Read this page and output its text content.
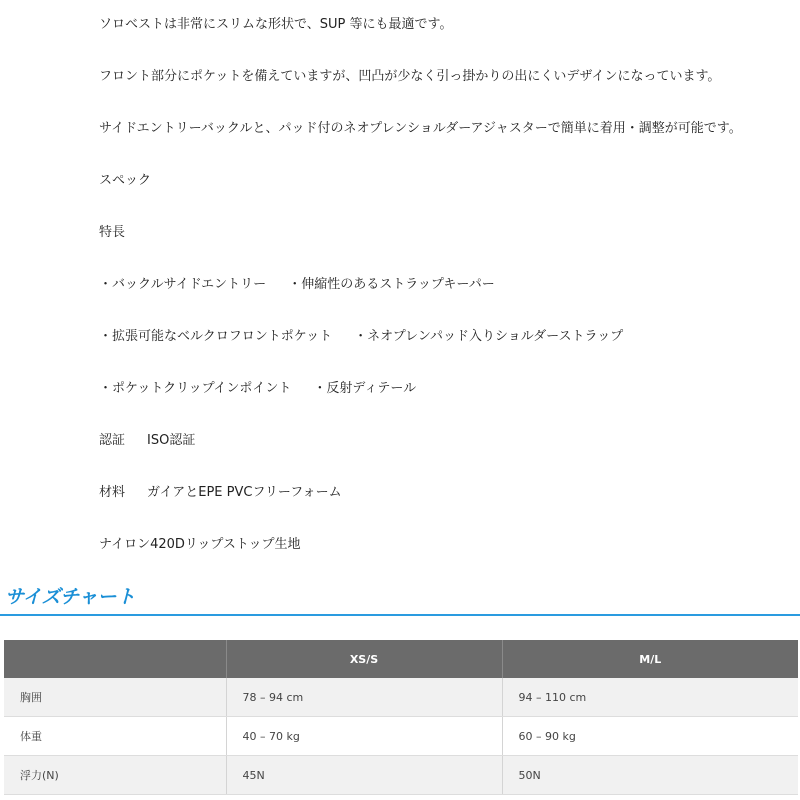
ソロベストは非常にスリムな形状で、SUP 等にも最適です。

フロント部分にポケットを備えていますが、凹凸が少なく引っ掛かりの出にくいデザインになっています。

サイドエントリーバックルと、パッド付のネオプレンショルダーアジャスターで簡単に着用・調整が可能です。

スペック

特長

・バックルサイドエントリー ・伸縮性のあるストラップキーパー

・拡張可能なベルクロフロントポケット ・ネオプレンパッド入りショルダーストラップ

・ポケットクリップインポイント ・反射ディテール

認証 ISO認証

材料 ガイアとEPE PVCフリーフォーム

ナイロン420Dリップストップ生地

サイズチャート
	XS/S	M/L
胸囲	78 – 94 cm	94 – 110 cm
体重	40 – 70 kg	60 – 90 kg
浮力(N)	45N	50N
